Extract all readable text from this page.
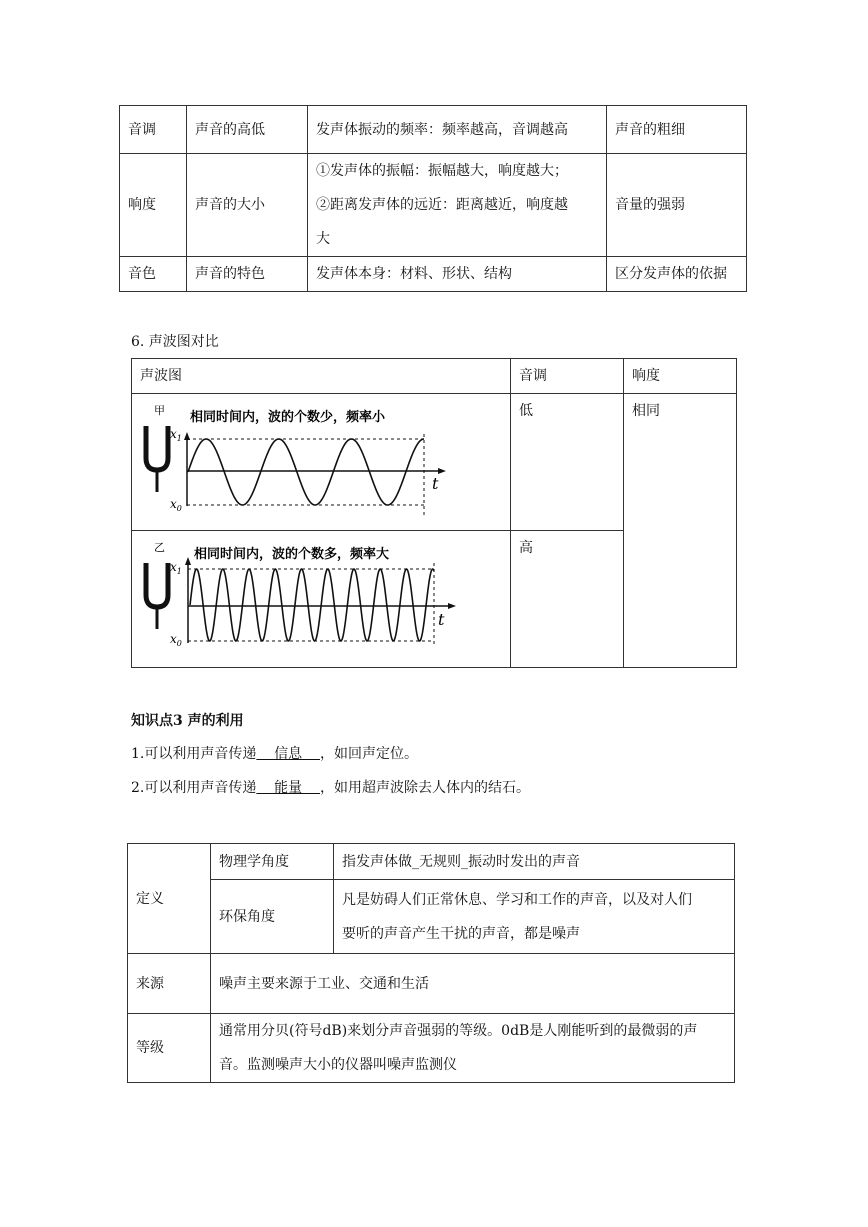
音调	声音的高低	发声体振动的频率：频率越高，音调越高	声音的粗细
响度	声音的大小	①发声体的振幅：振幅越大，响度越大；
②距离发声体的远近：距离越近，响度越
大	音量的强弱
音色	声音的特色	发声体本身：材料、形状、结构	区分发声体的依据
6. 声波图对比
声波图	音调	响度

甲 相同时间内，波的个数少，频率小
$x_1$
$x_0$
t	低	相同

乙 相同时间内，波的个数多，频率大
$x_1$
$x_0$
t	高	
知识点3 声的利用
1.可以利用声音传递    信息    ，如回声定位。
2.可以利用声音传递    能量    ，如用超声波除去人体内的结石。
定义	物理学角度	指发声体做_无规则_振动时发出的声音
	环保角度	凡是妨碍人们正常休息、学习和工作的声音，以及对人们
要听的声音产生干扰的声音，都是噪声

来源	噪声主要来源于工业、交通和生活	
等级	通常用分贝(符号dB)来划分声音强弱的等级。0dB是人刚能听到的最微弱的声
音。监测噪声大小的仪器叫噪声监测仪	
